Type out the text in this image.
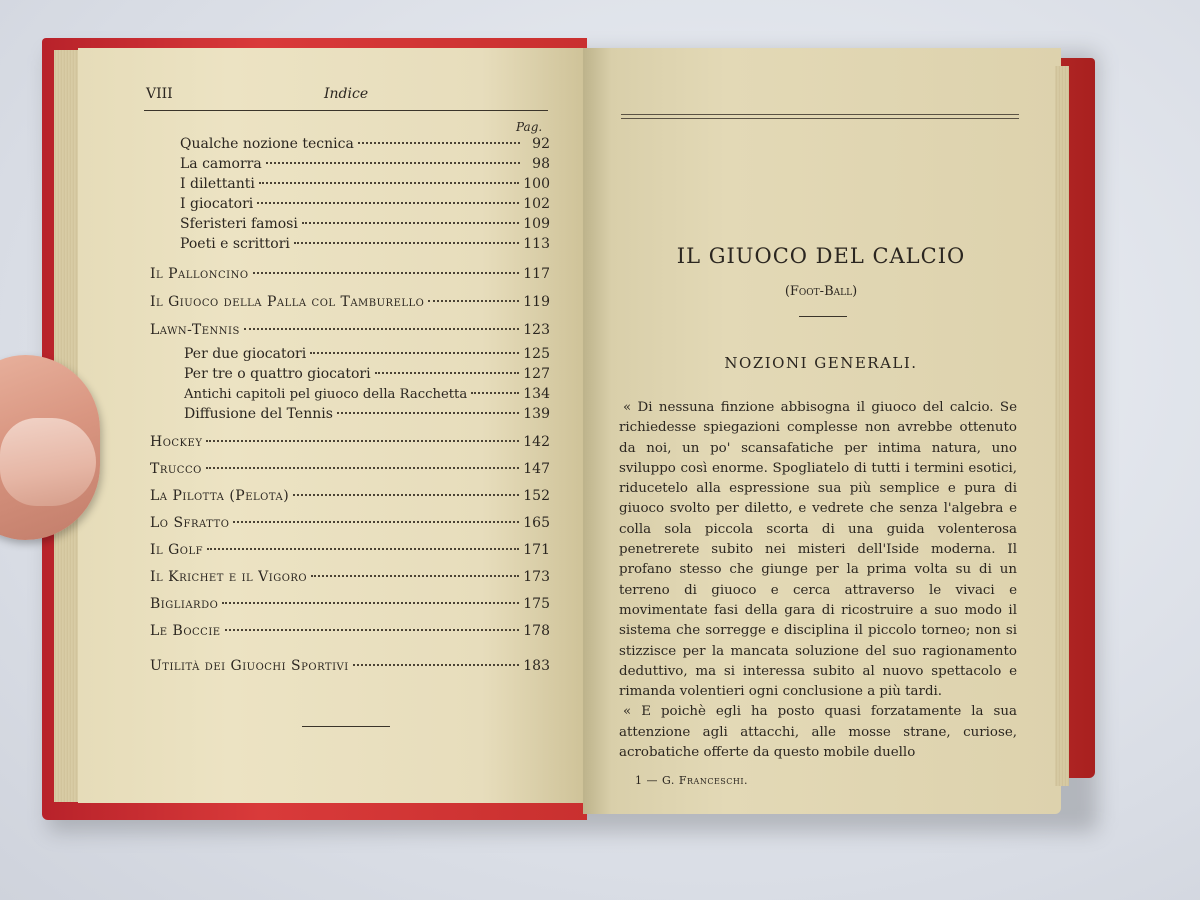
VIII	Indice
Pag.
Qualche nozione tecnica	92
La camorra	98
I dilettanti	100
I giocatori	102
Sferisteri famosi	109
Poeti e scrittori	113
Il Palloncino	117
Il Giuoco della Palla col Tamburello	119
Lawn-Tennis	123
Per due giocatori	125
Per tre o quattro giocatori	127
Antichi capitoli pel giuoco della Racchetta	134
Diffusione del Tennis	139
Hockey	142
Trucco	147
La Pilotta (Pelota)	152
Lo Sfratto	165
Il Golf	171
Il Krichet e il Vigoro	173
Bigliardo	175
Le Boccie	178
Utilità dei Giuochi Sportivi	183
IL GIUOCO DEL CALCIO
(Foot-Ball)
NOZIONI GENERALI.

« Di nessuna finzione abbisogna il giuoco del calcio. Se richiedesse spiegazioni complesse non avrebbe ottenuto da noi, un po' scansafatiche per intima natura, uno sviluppo così enorme. Spogliatelo di tutti i termini esotici, riducetelo alla espressione sua più semplice e pura di giuoco svolto per diletto, e vedrete che senza l'algebra e colla sola piccola scorta di una guida volenterosa penetrerete subito nei misteri dell'Iside moderna. Il profano stesso che giunge per la prima volta su di un terreno di giuoco e cerca attraverso le vivaci e movimentate fasi della gara di ricostruire a suo modo il sistema che sorregge e disciplina il piccolo torneo; non si stizzisce per la mancata soluzione del suo ragionamento deduttivo, ma si interessa subito al nuovo spettacolo e rimanda volentieri ogni conclusione a più tardi.

« E poichè egli ha posto quasi forzatamente la sua attenzione agli attacchi, alle mosse strane, curiose, acrobatiche offerte da questo mobile duello

1 — G. Franceschi.
